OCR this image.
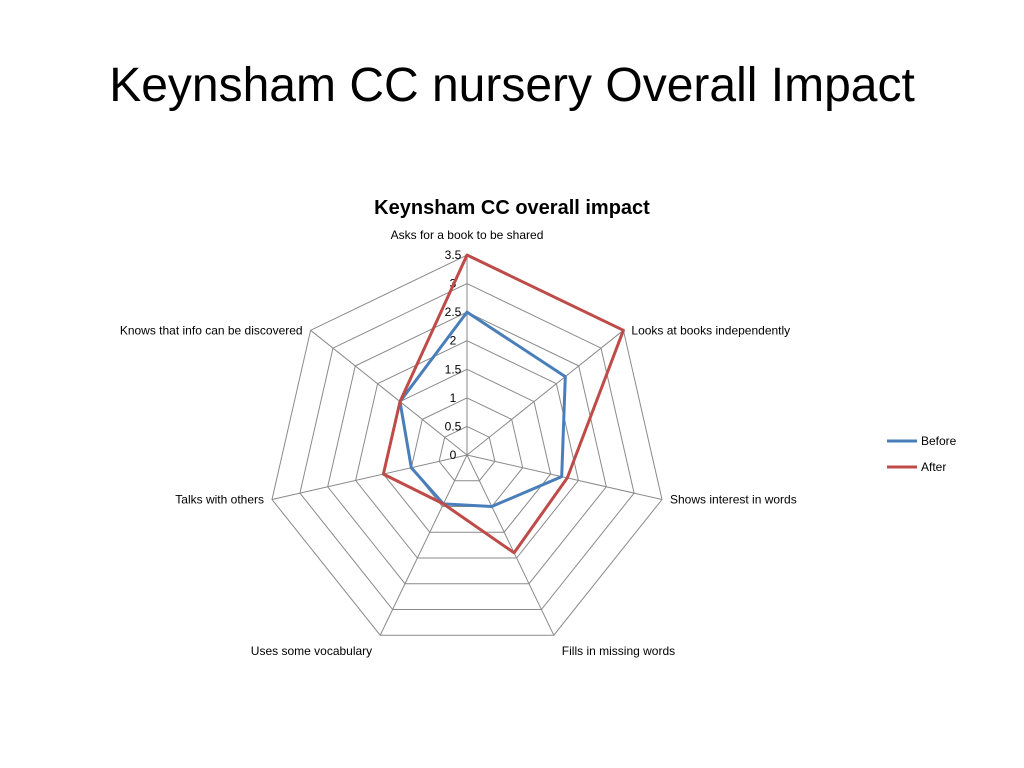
Keynsham CC nursery Overall Impact
Keynsham CC overall impact
0
0.5
1
1.5
2
2.5
3
3.5
Asks for a book to be shared
Looks at books independently
Shows interest in words
Fills in missing words
Uses some vocabulary
Talks with others
Knows that info can be discovered
Before
After
